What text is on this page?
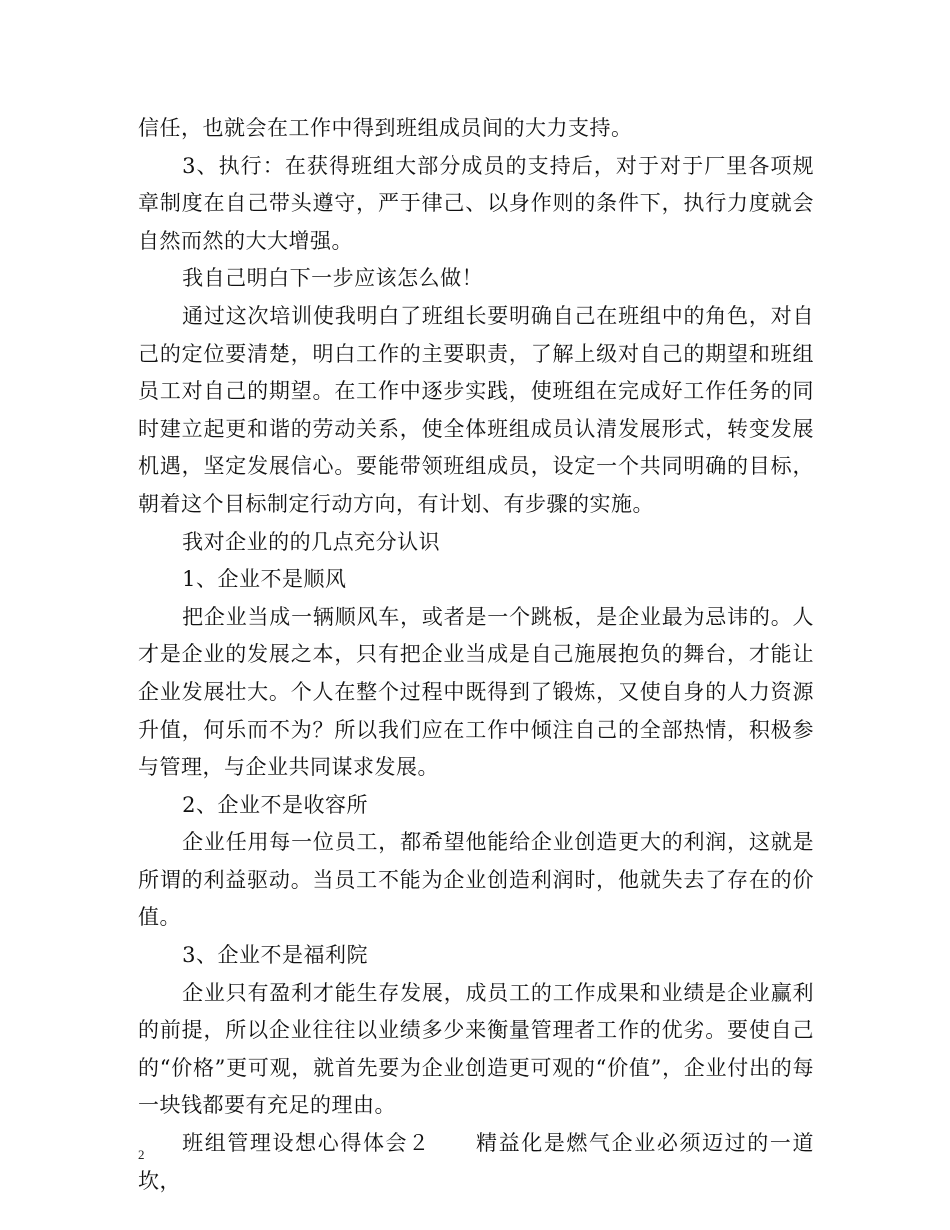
信任，也就会在工作中得到班组成员间的大力支持。

3、执行：在获得班组大部分成员的支持后，对于对于厂里各项规章制度在自己带头遵守，严于律己、以身作则的条件下，执行力度就会自然而然的大大增强。

我自己明白下一步应该怎么做！

通过这次培训使我明白了班组长要明确自己在班组中的角色，对自己的定位要清楚，明白工作的主要职责，了解上级对自己的期望和班组员工对自己的期望。在工作中逐步实践，使班组在完成好工作任务的同时建立起更和谐的劳动关系，使全体班组成员认清发展形式，转变发展机遇，坚定发展信心。要能带领班组成员，设定一个共同明确的目标，朝着这个目标制定行动方向，有计划、有步骤的实施。

我对企业的的几点充分认识

1、企业不是顺风

把企业当成一辆顺风车，或者是一个跳板，是企业最为忌讳的。人才是企业的发展之本，只有把企业当成是自己施展抱负的舞台，才能让企业发展壮大。个人在整个过程中既得到了锻炼，又使自身的人力资源升值，何乐而不为？所以我们应在工作中倾注自己的全部热情，积极参与管理，与企业共同谋求发展。

2、企业不是收容所

企业任用每一位员工，都希望他能给企业创造更大的利润，这就是所谓的利益驱动。当员工不能为企业创造利润时，他就失去了存在的价值。

3、企业不是福利院

企业只有盈利才能生存发展，成员工的工作成果和业绩是企业赢利的前提，所以企业往往以业绩多少来衡量管理者工作的优劣。要使自己的“价格”更可观，就首先要为企业创造更可观的“价值”，企业付出的每一块钱都要有充足的理由。

班组管理设想心得体会２　　精益化是燃气企业必须迈过的一道坎，

2
